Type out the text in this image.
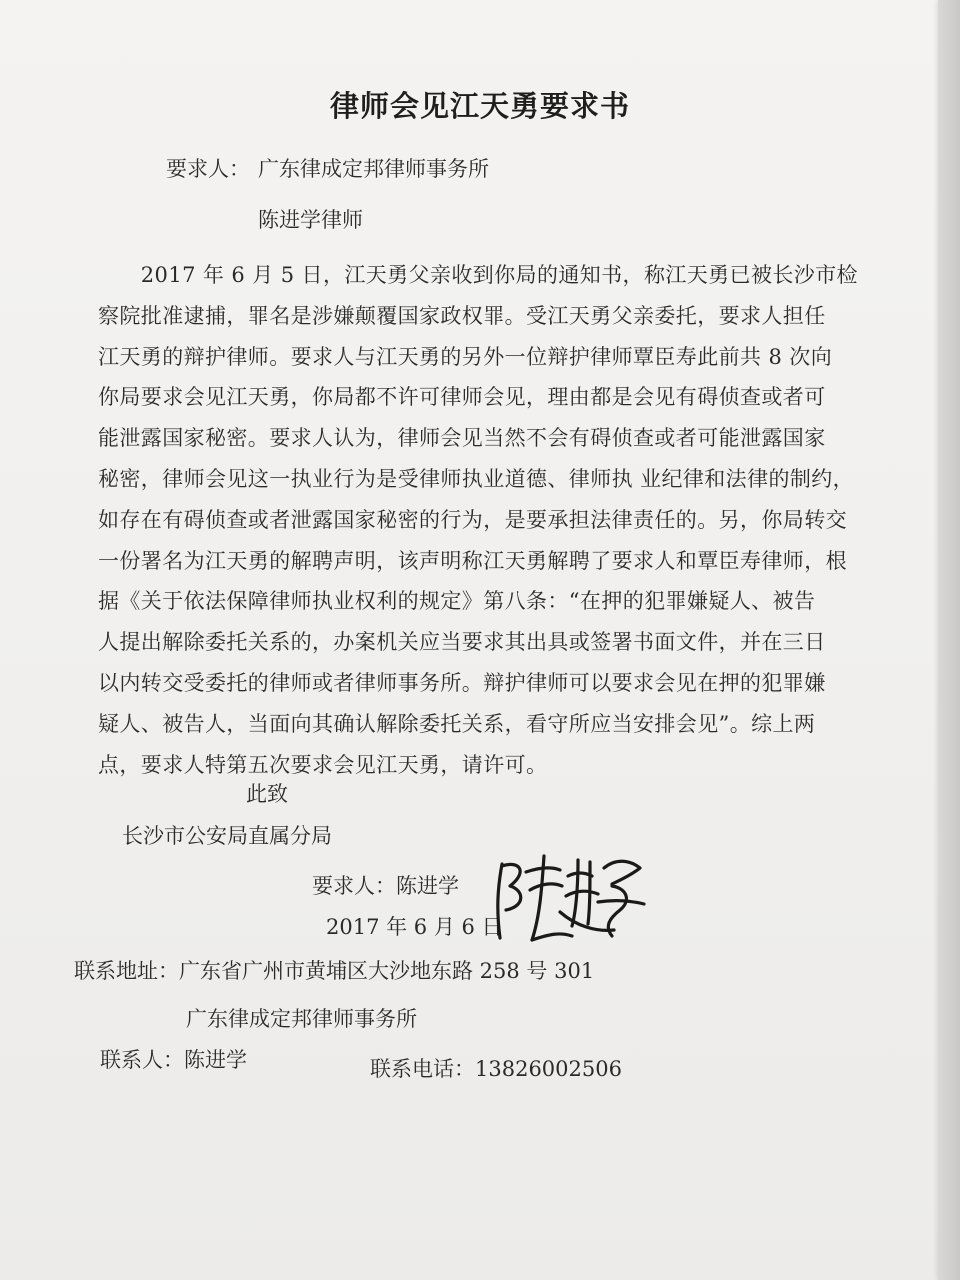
律师会见江天勇要求书
要求人： 广东律成定邦律师事务所
陈进学律师
　　2017 年 6 月 5 日，江天勇父亲收到你局的通知书，称江天勇已被长沙市检
察院批准逮捕，罪名是涉嫌颠覆国家政权罪。受江天勇父亲委托，要求人担任
江天勇的辩护律师。要求人与江天勇的另外一位辩护律师覃臣寿此前共 8 次向
你局要求会见江天勇，你局都不许可律师会见，理由都是会见有碍侦查或者可
能泄露国家秘密。要求人认为，律师会见当然不会有碍侦查或者可能泄露国家
秘密，律师会见这一执业行为是受律师执业道德、律师执 业纪律和法律的制约，
如存在有碍侦查或者泄露国家秘密的行为，是要承担法律责任的。另，你局转交
一份署名为江天勇的解聘声明，该声明称江天勇解聘了要求人和覃臣寿律师，根
据《关于依法保障律师执业权利的规定》第八条：“在押的犯罪嫌疑人、被告
人提出解除委托关系的，办案机关应当要求其出具或签署书面文件，并在三日
以内转交受委托的律师或者律师事务所。辩护律师可以要求会见在押的犯罪嫌
疑人、被告人，当面向其确认解除委托关系，看守所应当安排会见”。综上两
点，要求人特第五次要求会见江天勇，请许可。
此致
长沙市公安局直属分局
要求人：陈进学
2017 年 6 月 6 日
联系地址：广东省广州市黄埔区大沙地东路 258 号 301
广东律成定邦律师事务所
联系人：陈进学	联系电话：13826002506
